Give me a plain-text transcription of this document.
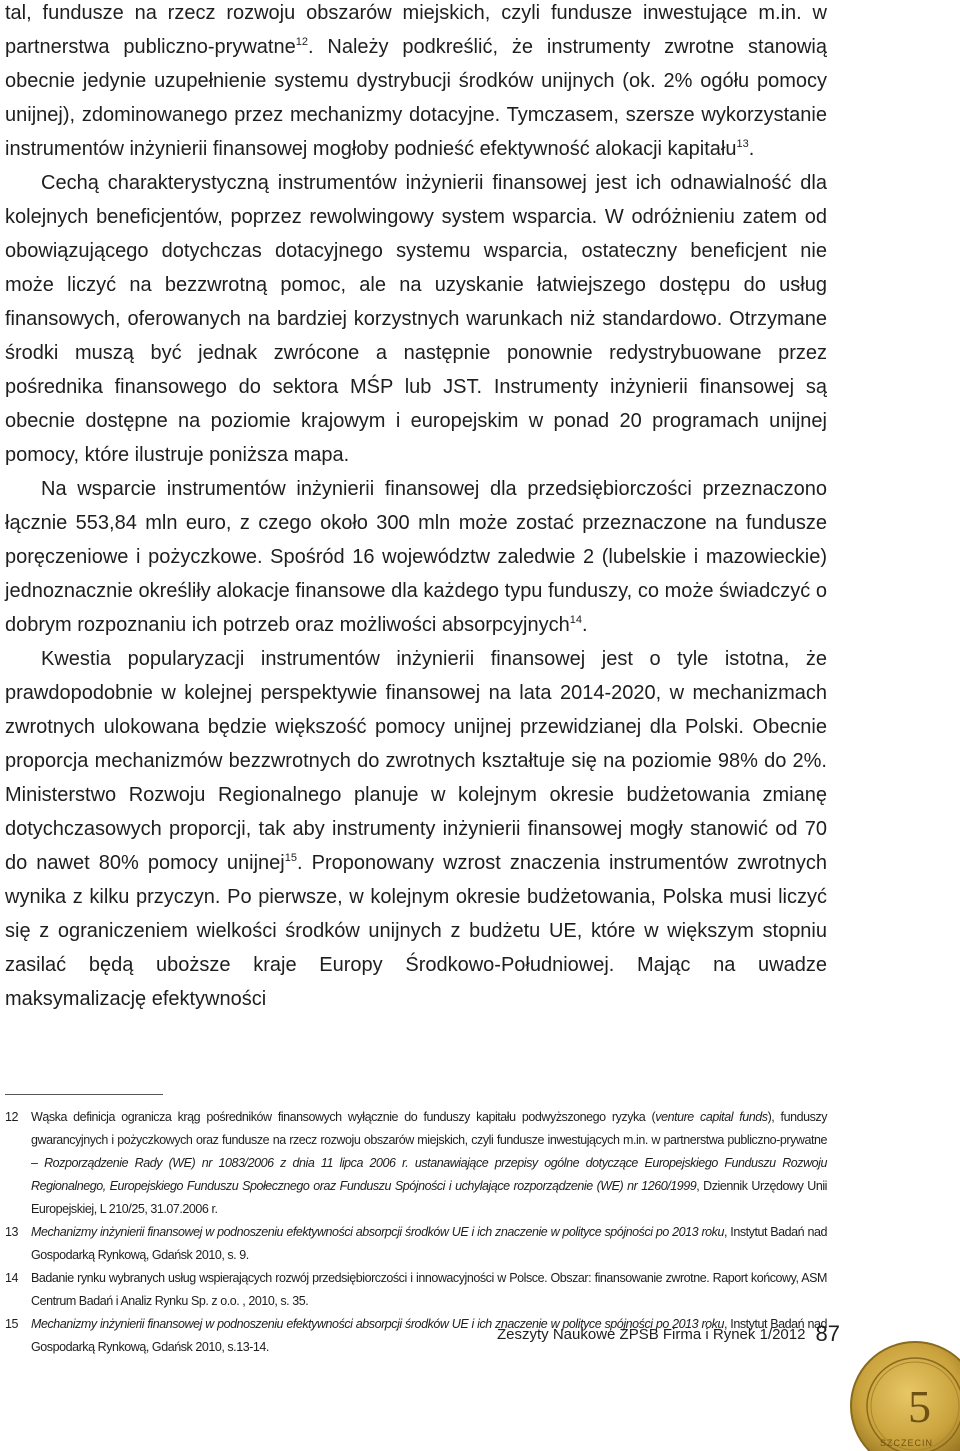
tal, fundusze na rzecz rozwoju obszarów miejskich, czyli fundusze inwestujące m.in. w partnerstwa publiczno-prywatne$^{12}$. Należy podkreślić, że instrumenty zwrotne stanowią obecnie jedynie uzupełnienie systemu dystrybucji środków unijnych (ok. 2% ogółu pomocy unijnej), zdominowanego przez mechanizmy dotacyjne. Tymczasem, szersze wykorzystanie instrumentów inżynierii finansowej mogłoby podnieść efektywność alokacji kapitału$^{13}$.

Cechą charakterystyczną instrumentów inżynierii finansowej jest ich odnawialność dla kolejnych beneficjentów, poprzez rewolwingowy system wsparcia. W odróżnieniu zatem od obowiązującego dotychczas dotacyjnego systemu wsparcia, ostateczny beneficjent nie może liczyć na bezzwrotną pomoc, ale na uzyskanie łatwiejszego dostępu do usług finansowych, oferowanych na bardziej korzystnych warunkach niż standardowo. Otrzymane środki muszą być jednak zwrócone a następnie ponownie redystrybuowane przez pośrednika finansowego do sektora MŚP lub JST. Instrumenty inżynierii finansowej są obecnie dostępne na poziomie krajowym i europejskim w ponad 20 programach unijnej pomocy, które ilustruje poniższa mapa.

Na wsparcie instrumentów inżynierii finansowej dla przedsiębiorczości przeznaczono łącznie 553,84 mln euro, z czego około 300 mln może zostać przeznaczone na fundusze poręczeniowe i pożyczkowe. Spośród 16 województw zaledwie 2 (lubelskie i mazowieckie) jednoznacznie określiły alokacje finansowe dla każdego typu funduszy, co może świadczyć o dobrym rozpoznaniu ich potrzeb oraz możliwości absorpcyjnych$^{14}$.

Kwestia popularyzacji instrumentów inżynierii finansowej jest o tyle istotna, że prawdopodobnie w kolejnej perspektywie finansowej na lata 2014-2020, w mechanizmach zwrotnych ulokowana będzie większość pomocy unijnej przewidzianej dla Polski. Obecnie proporcja mechanizmów bezzwrotnych do zwrotnych kształtuje się na poziomie 98% do 2%. Ministerstwo Rozwoju Regionalnego planuje w kolejnym okresie budżetowania zmianę dotychczasowych proporcji, tak aby instrumenty inżynierii finansowej mogły stanowić od 70 do nawet 80% pomocy unijnej$^{15}$. Proponowany wzrost znaczenia instrumentów zwrotnych wynika z kilku przyczyn. Po pierwsze, w kolejnym okresie budżetowania, Polska musi liczyć się z ograniczeniem wielkości środków unijnych z budżetu UE, które w większym stopniu zasilać będą uboższe kraje Europy Środkowo-Południowej. Mając na uwadze maksymalizację efektywności

12	Wąska definicja ogranicza krąg pośredników finansowych wyłącznie do funduszy kapitału podwyższonego ryzyka (venture capital funds), funduszy gwarancyjnych i pożyczkowych oraz fundusze na rzecz rozwoju obszarów miejskich, czyli fundusze inwestujących m.in. w partnerstwa publiczno-prywatne – Rozporządzenie Rady (WE) nr 1083/2006 z dnia 11 lipca 2006 r. ustanawiające przepisy ogólne dotyczące Europejskiego Funduszu Rozwoju Regionalnego, Europejskiego Funduszu Społecznego oraz Funduszu Spójności i uchylające rozporządzenie (WE) nr 1260/1999, Dziennik Urzędowy Unii Europejskiej, L 210/25, 31.07.2006 r.
13	Mechanizmy inżynierii finansowej w podnoszeniu efektywności absorpcji środków UE i ich znaczenie w polityce spójności po 2013 roku, Instytut Badań nad Gospodarką Rynkową, Gdańsk 2010, s. 9.
14	Badanie rynku wybranych usług wspierających rozwój przedsiębiorczości i innowacyjności w Polsce. Obszar: finansowanie zwrotne. Raport końcowy, ASM Centrum Badań i Analiz Rynku Sp. z o.o. , 2010, s. 35.
15	Mechanizmy inżynierii finansowej w podnoszeniu efektywności absorpcji środków UE i ich znaczenie w polityce spójności po 2013 roku, Instytut Badań nad Gospodarką Rynkową, Gdańsk 2010, s.13-14.
Zeszyty Naukowe ZPSB Firma i Rynek 1/2012 87
5
SZCZECIN
